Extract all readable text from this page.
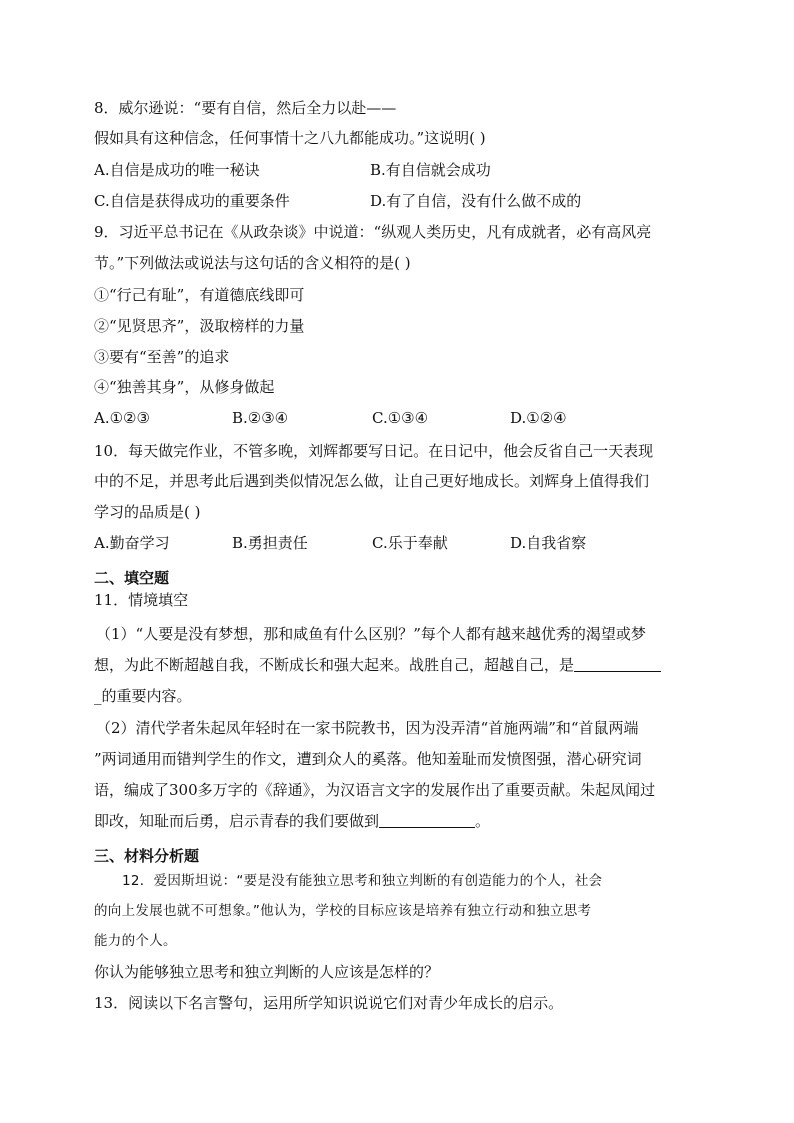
8．威尔逊说：“要有自信，然后全力以赴——
假如具有这种信念，任何事情十之八九都能成功。”这说明( )
A.自信是成功的唯一秘诀	B.有自信就会成功
C.自信是获得成功的重要条件	D.有了自信，没有什么做不成的
9．习近平总书记在《从政杂谈》中说道：“纵观人类历史，凡有成就者，必有高风亮
节。”下列做法或说法与这句话的含义相符的是( )
①“行己有耻”，有道德底线即可
②“见贤思齐”，汲取榜样的力量
③要有“至善”的追求
④“独善其身”，从修身做起
A.①②③	B.②③④	C.①③④	D.①②④
10．每天做完作业，不管多晚，刘辉都要写日记。在日记中，他会反省自己一天表现
中的不足，并思考此后遇到类似情况怎么做，让自己更好地成长。刘辉身上值得我们
学习的品质是( )
A.勤奋学习	B.勇担责任	C.乐于奉献	D.自我省察
二、填空题
11．情境填空
（1）“人要是没有梦想，那和咸鱼有什么区别？”每个人都有越来越优秀的渴望或梦
想，为此不断超越自我，不断成长和强大起来。战胜自己，超越自己，是
_的重要内容。
（2）清代学者朱起凤年轻时在一家书院教书，因为没弄清“首施两端”和“首鼠两端
”两词通用而错判学生的作文，遭到众人的奚落。他知羞耻而发愤图强，潜心研究词
语，编成了300多万字的《辞通》，为汉语言文字的发展作出了重要贡献。朱起凤闻过
即改，知耻而后勇，启示青春的我们要做到	。
三、材料分析题
12．爱因斯坦说：“要是没有能独立思考和独立判断的有创造能力的个人，社会
的向上发展也就不可想象。”他认为，学校的目标应该是培养有独立行动和独立思考
能力的个人。
你认为能够独立思考和独立判断的人应该是怎样的？
13．阅读以下名言警句，运用所学知识说说它们对青少年成长的启示。
